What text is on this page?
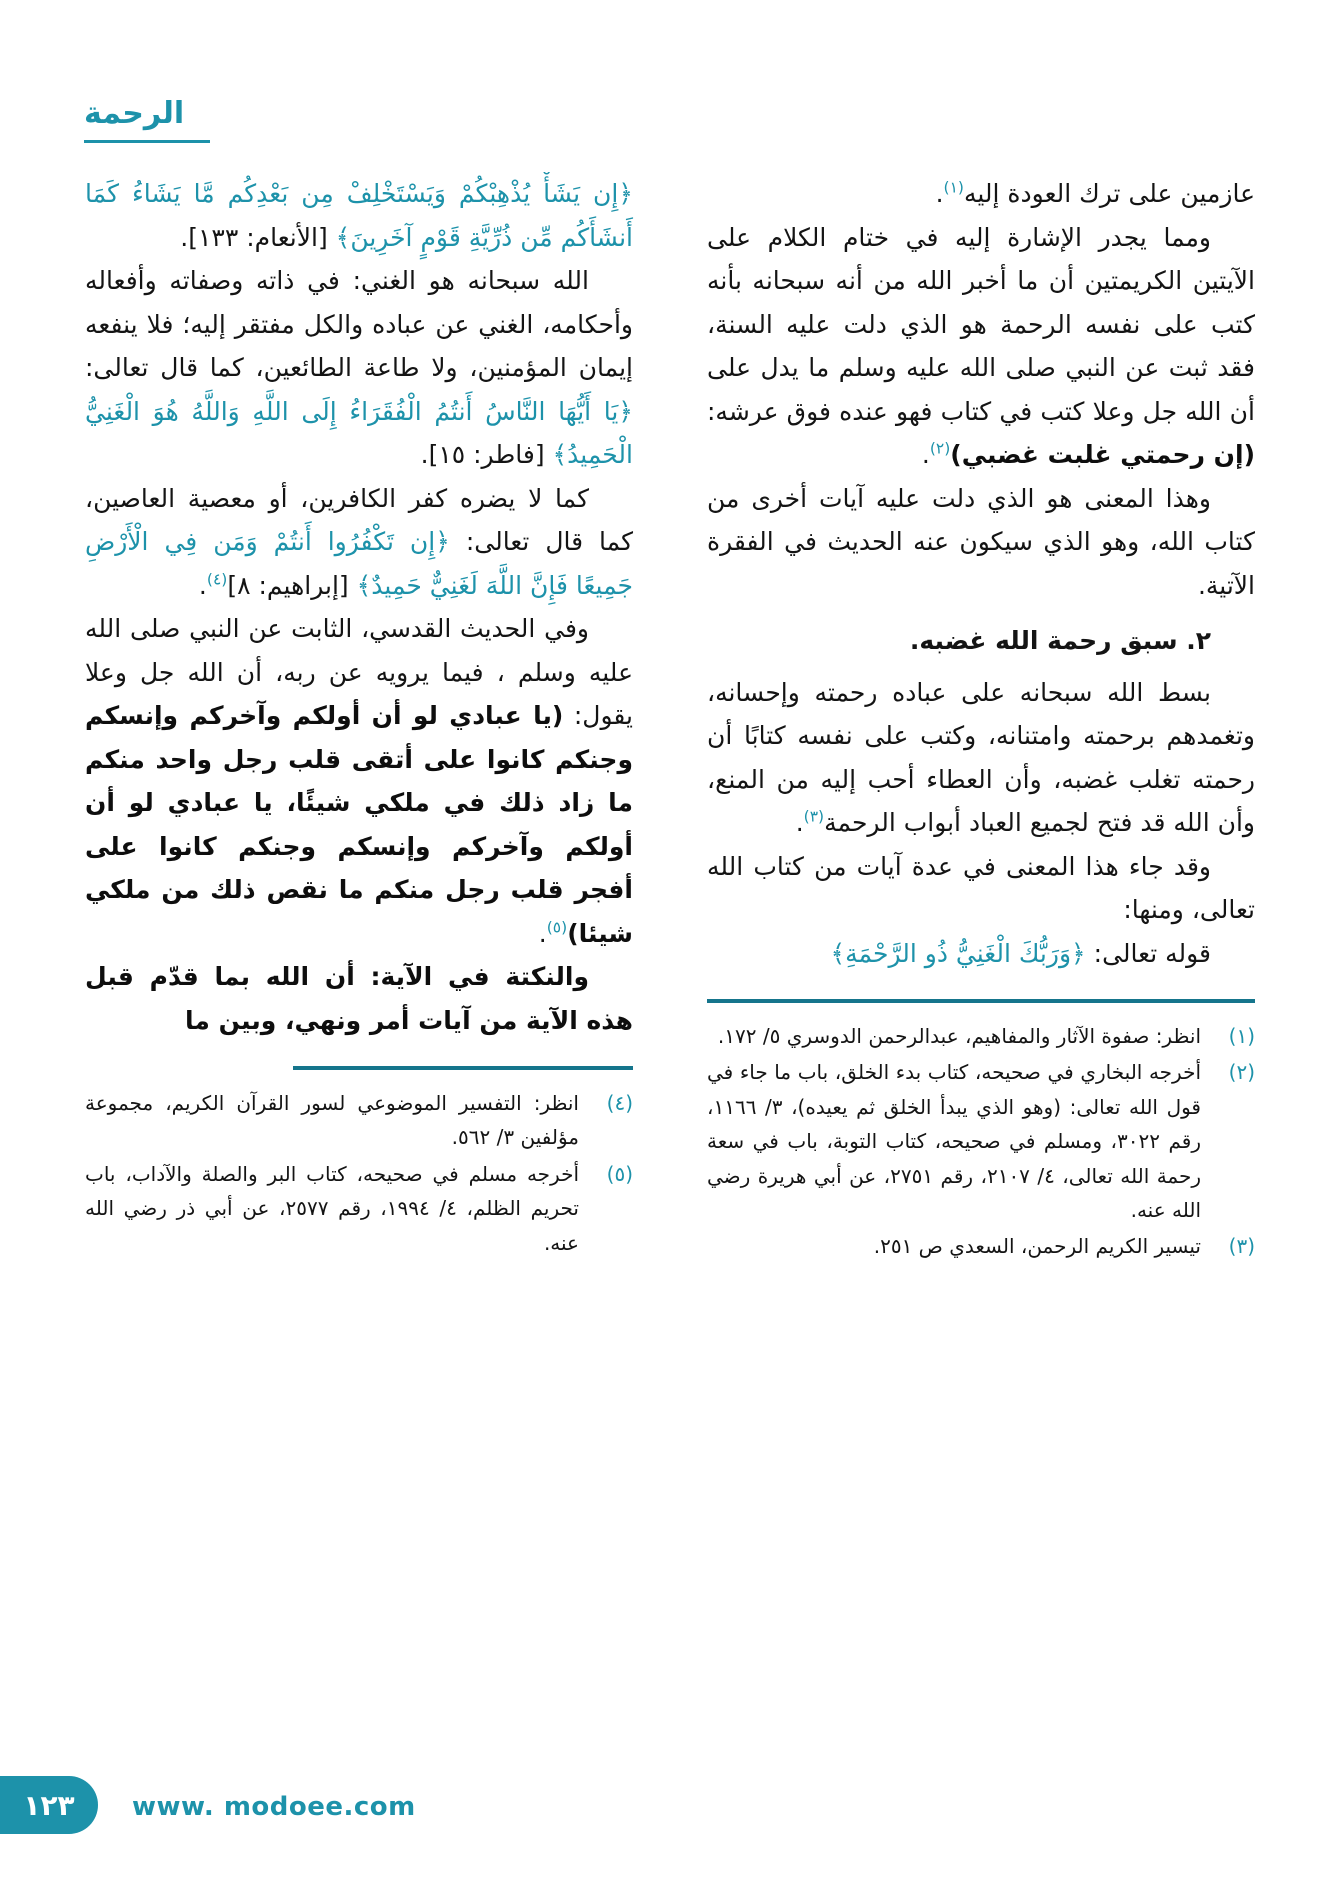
الرحمة
عازمين على ترك العودة إليه$^{(١)}$.
ومما يجدر الإشارة إليه في ختام الكلام على الآيتين الكريمتين أن ما أخبر الله من أنه سبحانه بأنه كتب على نفسه الرحمة هو الذي دلت عليه السنة، فقد ثبت عن النبي صلى الله عليه وسلم ما يدل على أن الله جل وعلا كتب في كتاب فهو عنده فوق عرشه: (إن رحمتي غلبت غضبي)$^{(٢)}$.
وهذا المعنى هو الذي دلت عليه آيات أخرى من كتاب الله، وهو الذي سيكون عنه الحديث في الفقرة الآتية.
٢. سبق رحمة الله غضبه.
بسط الله سبحانه على عباده رحمته وإحسانه، وتغمدهم برحمته وامتنانه، وكتب على نفسه كتابًا أن رحمته تغلب غضبه، وأن العطاء أحب إليه من المنع، وأن الله قد فتح لجميع العباد أبواب الرحمة$^{(٣)}$.
وقد جاء هذا المعنى في عدة آيات من كتاب الله تعالى، ومنها:
قوله تعالى: ﴿وَرَبُّكَ الْغَنِيُّ ذُو الرَّحْمَةِ﴾
(١)
انظر: صفوة الآثار والمفاهيم، عبدالرحمن الدوسري ٥/ ١٧٢.
(٢)
أخرجه البخاري في صحيحه، كتاب بدء الخلق، باب ما جاء في قول الله تعالى: (وهو الذي يبدأ الخلق ثم يعيده)، ٣/ ١١٦٦، رقم ٣٠٢٢، ومسلم في صحيحه، كتاب التوبة، باب في سعة رحمة الله تعالى، ٤/ ٢١٠٧، رقم ٢٧٥١، عن أبي هريرة رضي الله عنه.
(٣)
تيسير الكريم الرحمن، السعدي ص ٢٥١.
﴿إِن يَشَأْ يُذْهِبْكُمْ وَيَسْتَخْلِفْ مِن بَعْدِكُم مَّا يَشَاءُ كَمَا أَنشَأَكُم مِّن ذُرِّيَّةِ قَوْمٍ آخَرِينَ﴾ [الأنعام: ١٣٣].
الله سبحانه هو الغني: في ذاته وصفاته وأفعاله وأحكامه، الغني عن عباده والكل مفتقر إليه؛ فلا ينفعه إيمان المؤمنين، ولا طاعة الطائعين، كما قال تعالى: ﴿يَا أَيُّهَا النَّاسُ أَنتُمُ الْفُقَرَاءُ إِلَى اللَّهِ وَاللَّهُ هُوَ الْغَنِيُّ الْحَمِيدُ﴾ [فاطر: ١٥].
كما لا يضره كفر الكافرين، أو معصية العاصين، كما قال تعالى: ﴿إِن تَكْفُرُوا أَنتُمْ وَمَن فِي الْأَرْضِ جَمِيعًا فَإِنَّ اللَّهَ لَغَنِيٌّ حَمِيدٌ﴾ [إبراهيم: ٨]$^{(٤)}$.
وفي الحديث القدسي، الثابت عن النبي صلى الله عليه وسلم ، فيما يرويه عن ربه، أن الله جل وعلا يقول: (يا عبادي لو أن أولكم وآخركم وإنسكم وجنكم كانوا على أتقى قلب رجل واحد منكم ما زاد ذلك في ملكي شيئًا، يا عبادي لو أن أولكم وآخركم وإنسكم وجنكم كانوا على أفجر قلب رجل منكم ما نقص ذلك من ملكي شيئا)$^{(٥)}$.
والنكتة في الآية: أن الله بما قدّم قبل هذه الآية من آيات أمر ونهي، وبين ما
(٤)
انظر: التفسير الموضوعي لسور القرآن الكريم، مجموعة مؤلفين ٣/ ٥٦٢.
(٥)
أخرجه مسلم في صحيحه، كتاب البر والصلة والآداب، باب تحريم الظلم، ٤/ ١٩٩٤، رقم ٢٥٧٧، عن أبي ذر رضي الله عنه.
١٢٣ www. modoee.com
